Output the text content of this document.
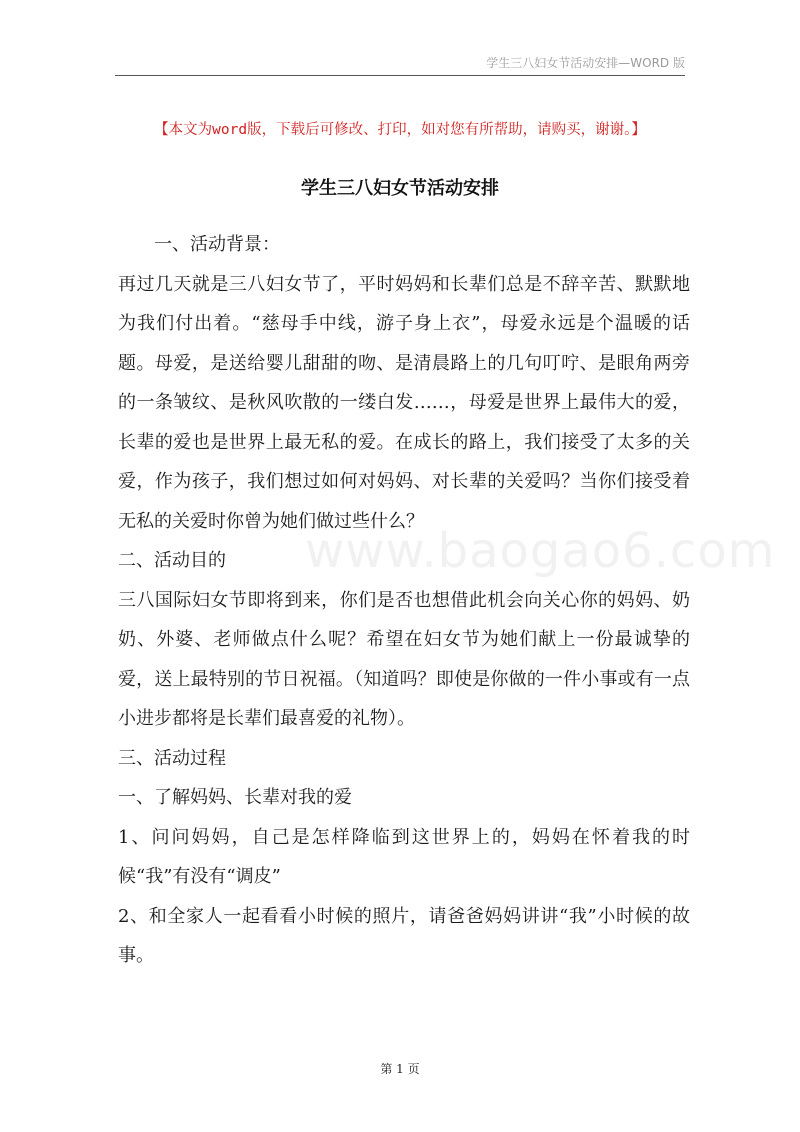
学生三八妇女节活动安排—WORD 版
【本文为word版，下载后可修改、打印，如对您有所帮助，请购买，谢谢。】
学生三八妇女节活动安排
www.baogao6.com

一、活动背景：

再过几天就是三八妇女节了，平时妈妈和长辈们总是不辞辛苦、默默地为我们付出着。“慈母手中线，游子身上衣”，母爱永远是个温暖的话题。母爱，是送给婴儿甜甜的吻、是清晨路上的几句叮咛、是眼角两旁的一条皱纹、是秋风吹散的一缕白发……，母爱是世界上最伟大的爱，长辈的爱也是世界上最无私的爱。在成长的路上，我们接受了太多的关爱，作为孩子，我们想过如何对妈妈、对长辈的关爱吗？当你们接受着无私的关爱时你曾为她们做过些什么？

二、活动目的

三八国际妇女节即将到来，你们是否也想借此机会向关心你的妈妈、奶奶、外婆、老师做点什么呢？希望在妇女节为她们献上一份最诚挚的爱，送上最特别的节日祝福。（知道吗？即使是你做的一件小事或有一点小进步都将是长辈们最喜爱的礼物）。

三、活动过程

一、了解妈妈、长辈对我的爱

1、问问妈妈，自己是怎样降临到这世界上的，妈妈在怀着我的时候“我”有没有“调皮”

2、和全家人一起看看小时候的照片，请爸爸妈妈讲讲“我”小时候的故事。

第 1 页
